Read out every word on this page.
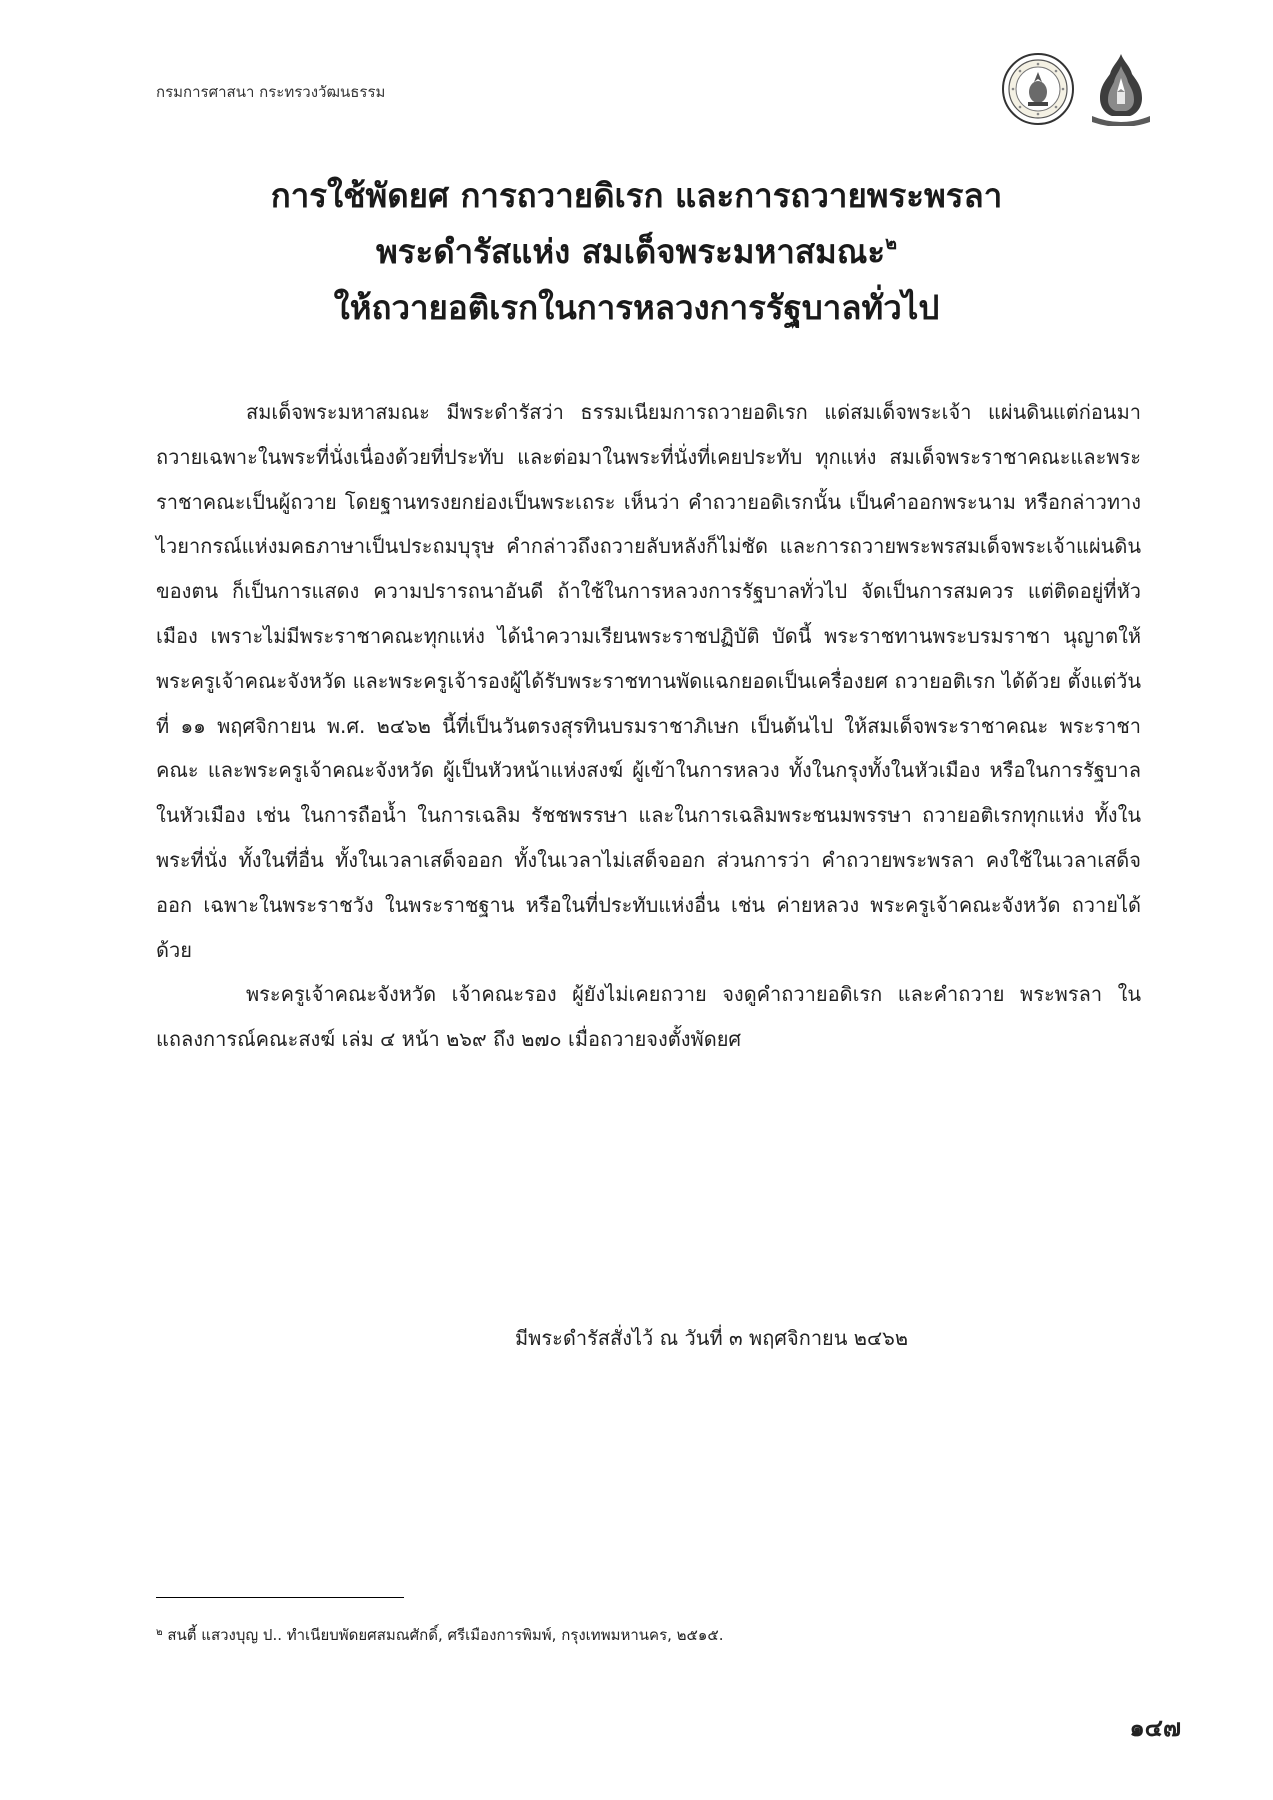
กรมการศาสนา กระทรวงวัฒนธรรม
การใช้พัดยศ การถวายดิเรก และการถวายพระพรลา
พระดำรัสแห่ง สมเด็จพระมหาสมณะ$^๒$
ให้ถวายอติเรกในการหลวงการรัฐบาลทั่วไป

สมเด็จพระมหาสมณะ มีพระดำรัสว่า ธรรมเนียมการถวายอดิเรก แด่สมเด็จพระเจ้า แผ่นดินแต่ก่อนมา ถวายเฉพาะในพระที่นั่งเนื่องด้วยที่ประทับ และต่อมาในพระที่นั่งที่เคยประทับ ทุกแห่ง สมเด็จพระราชาคณะและพระราชาคณะเป็นผู้ถวาย โดยฐานทรงยกย่องเป็นพระเถระ เห็นว่า คำถวายอดิเรกนั้น เป็นคำออกพระนาม หรือกล่าวทางไวยากรณ์แห่งมคธภาษาเป็นประถมบุรุษ คำกล่าวถึงถวายลับหลังก็ไม่ชัด และการถวายพระพรสมเด็จพระเจ้าแผ่นดินของตน ก็เป็นการแสดง ความปรารถนาอันดี ถ้าใช้ในการหลวงการรัฐบาลทั่วไป จัดเป็นการสมควร แต่ติดอยู่ที่หัวเมือง เพราะไม่มีพระราชาคณะทุกแห่ง ได้นำความเรียนพระราชปฏิบัติ บัดนี้ พระราชทานพระบรมราชา นุญาตให้พระครูเจ้าคณะจังหวัด และพระครูเจ้ารองผู้ได้รับพระราชทานพัดแฉกยอดเป็นเครื่องยศ ถวายอติเรก ได้ด้วย ตั้งแต่วันที่ ๑๑ พฤศจิกายน พ.ศ. ๒๔๖๒ นี้ที่เป็นวันตรงสุรทินบรมราชาภิเษก เป็นต้นไป ให้สมเด็จพระราชาคณะ พระราชาคณะ และพระครูเจ้าคณะจังหวัด ผู้เป็นหัวหน้าแห่งสงฆ์ ผู้เข้าในการหลวง ทั้งในกรุงทั้งในหัวเมือง หรือในการรัฐบาลในหัวเมือง เช่น ในการถือน้ำ ในการเฉลิม รัชชพรรษา และในการเฉลิมพระชนมพรรษา ถวายอติเรกทุกแห่ง ทั้งในพระที่นั่ง ทั้งในที่อื่น ทั้งในเวลาเสด็จออก ทั้งในเวลาไม่เสด็จออก ส่วนการว่า คำถวายพระพรลา คงใช้ในเวลาเสด็จออก เฉพาะในพระราชวัง ในพระราชฐาน หรือในที่ประทับแห่งอื่น เช่น ค่ายหลวง พระครูเจ้าคณะจังหวัด ถวายได้ด้วย

พระครูเจ้าคณะจังหวัด เจ้าคณะรอง ผู้ยังไม่เคยถวาย จงดูคำถวายอดิเรก และคำถวาย พระพรลา ในแถลงการณ์คณะสงฆ์ เล่ม ๔ หน้า ๒๖๙ ถึง ๒๗๐ เมื่อถวายจงตั้งพัดยศ

มีพระดำรัสสั่งไว้ ณ วันที่ ๓ พฤศจิกายน ๒๔๖๒
$^๒$ สนตี้ แสวงบุญ ป.. ทำเนียบพัดยศสมณศักดิ์, ศรีเมืองการพิมพ์, กรุงเทพมหานคร, ๒๕๑๕.
๑๔๗
